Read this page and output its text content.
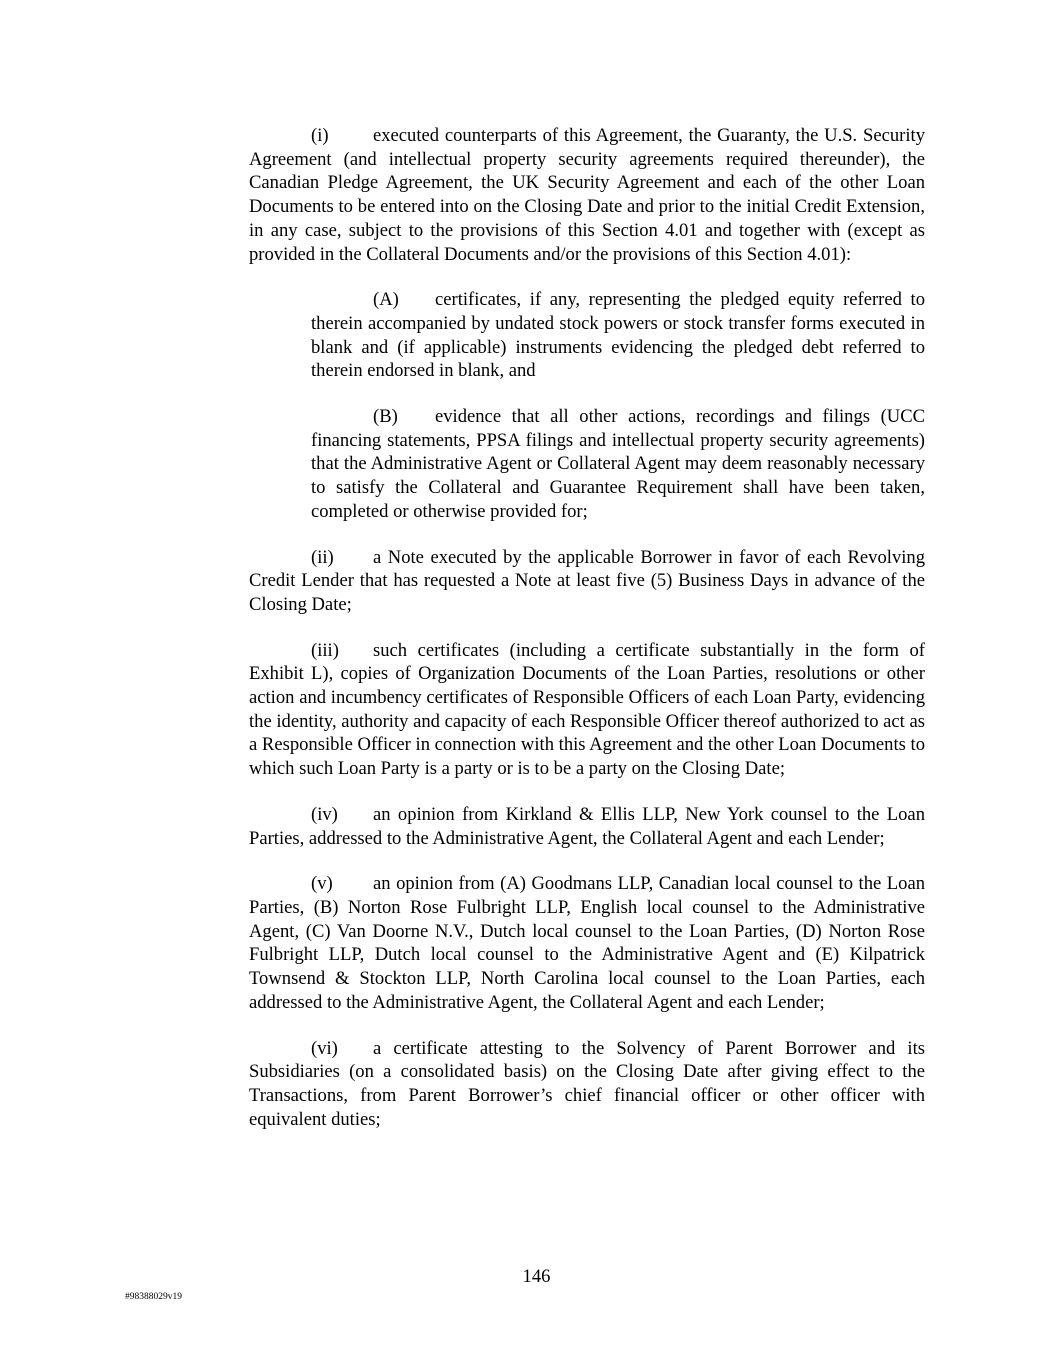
(i) executed counterparts of this Agreement, the Guaranty, the U.S. Security Agreement (and intellectual property security agreements required thereunder), the Canadian Pledge Agreement, the UK Security Agreement and each of the other Loan Documents to be entered into on the Closing Date and prior to the initial Credit Extension, in any case, subject to the provisions of this Section 4.01 and together with (except as provided in the Collateral Documents and/or the provisions of this Section 4.01):

(A) certificates, if any, representing the pledged equity referred to therein accompanied by undated stock powers or stock transfer forms executed in blank and (if applicable) instruments evidencing the pledged debt referred to therein endorsed in blank, and

(B) evidence that all other actions, recordings and filings (UCC financing statements, PPSA filings and intellectual property security agreements) that the Administrative Agent or Collateral Agent may deem reasonably necessary to satisfy the Collateral and Guarantee Requirement shall have been taken, completed or otherwise provided for;

(ii) a Note executed by the applicable Borrower in favor of each Revolving Credit Lender that has requested a Note at least five (5) Business Days in advance of the Closing Date;

(iii) such certificates (including a certificate substantially in the form of Exhibit L), copies of Organization Documents of the Loan Parties, resolutions or other action and incumbency certificates of Responsible Officers of each Loan Party, evidencing the identity, authority and capacity of each Responsible Officer thereof authorized to act as a Responsible Officer in connection with this Agreement and the other Loan Documents to which such Loan Party is a party or is to be a party on the Closing Date;

(iv) an opinion from Kirkland & Ellis LLP, New York counsel to the Loan Parties, addressed to the Administrative Agent, the Collateral Agent and each Lender;

(v) an opinion from (A) Goodmans LLP, Canadian local counsel to the Loan Parties, (B) Norton Rose Fulbright LLP, English local counsel to the Administrative Agent, (C) Van Doorne N.V., Dutch local counsel to the Loan Parties, (D) Norton Rose Fulbright LLP, Dutch local counsel to the Administrative Agent and (E) Kilpatrick Townsend & Stockton LLP, North Carolina local counsel to the Loan Parties, each addressed to the Administrative Agent, the Collateral Agent and each Lender;

(vi) a certificate attesting to the Solvency of Parent Borrower and its Subsidiaries (on a consolidated basis) on the Closing Date after giving effect to the Transactions, from Parent Borrower’s chief financial officer or other officer with equivalent duties;

146
#98388029v19
